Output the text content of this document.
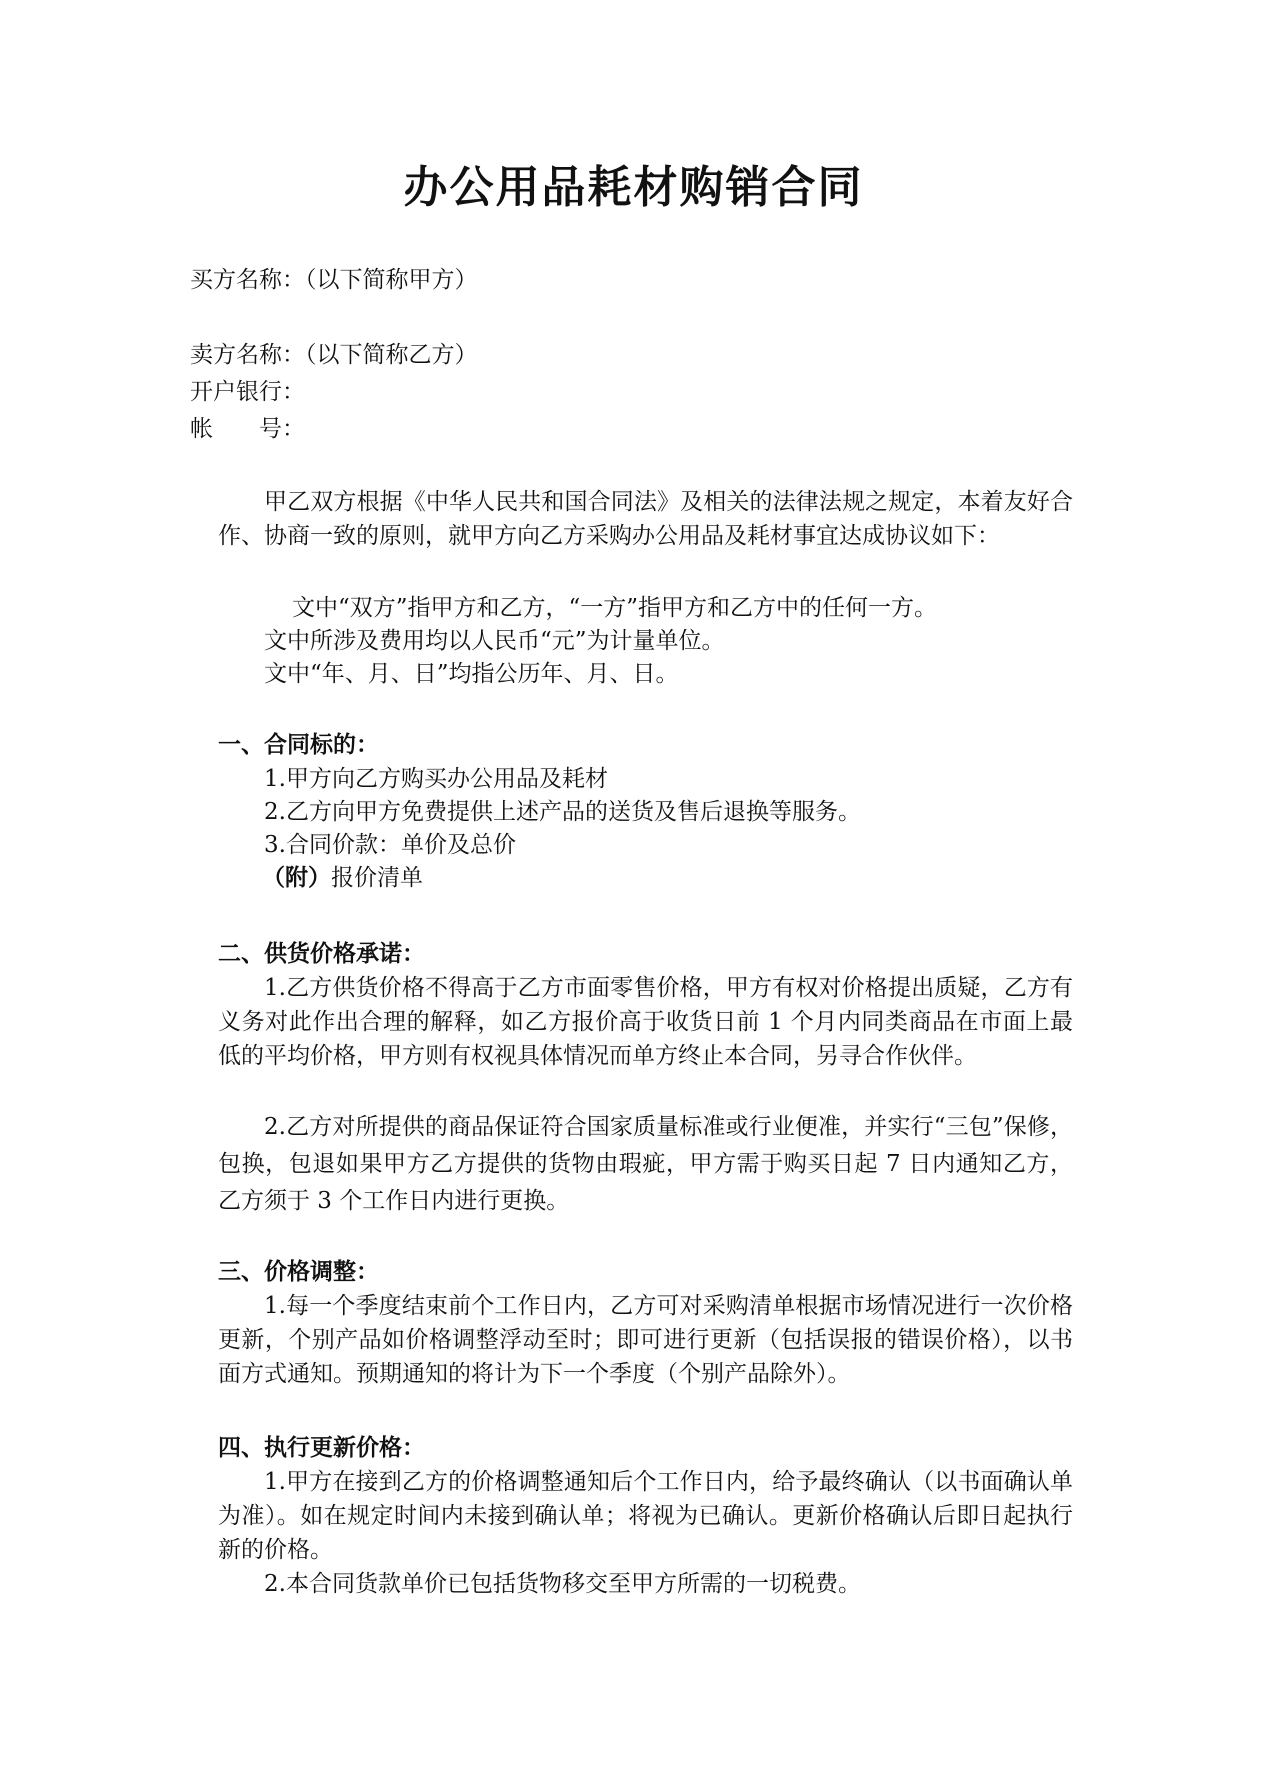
办公用品耗材购销合同
买方名称：（以下简称甲方）
卖方名称：（以下简称乙方）
开户银行：
帐 号：
甲乙双方根据《中华人民共和国合同法》及相关的法律法规之规定，本着友好合作、协商一致的原则，就甲方向乙方采购办公用品及耗材事宜达成协议如下：
文中“双方”指甲方和乙方，“一方”指甲方和乙方中的任何一方。
文中所涉及费用均以人民币“元”为计量单位。
文中“年、月、日”均指公历年、月、日。
一、合同标的：
1.甲方向乙方购买办公用品及耗材
2.乙方向甲方免费提供上述产品的送货及售后退换等服务。
3.合同价款：单价及总价
（附）报价清单
二、供货价格承诺：
1.乙方供货价格不得高于乙方市面零售价格，甲方有权对价格提出质疑，乙方有义务对此作出合理的解释，如乙方报价高于收货日前 1 个月内同类商品在市面上最低的平均价格，甲方则有权视具体情况而单方终止本合同，另寻合作伙伴。
2.乙方对所提供的商品保证符合国家质量标准或行业便准，并实行“三包”保修，包换，包退如果甲方乙方提供的货物由瑕疵，甲方需于购买日起 7 日内通知乙方，乙方须于 3 个工作日内进行更换。
三、价格调整：
1.每一个季度结束前个工作日内，乙方可对采购清单根据市场情况进行一次价格更新，个别产品如价格调整浮动至时；即可进行更新（包括误报的错误价格），以书面方式通知。预期通知的将计为下一个季度（个别产品除外）。
四、执行更新价格：
1.甲方在接到乙方的价格调整通知后个工作日内，给予最终确认（以书面确认单为准）。如在规定时间内未接到确认单；将视为已确认。更新价格确认后即日起执行新的价格。
2.本合同货款单价已包括货物移交至甲方所需的一切税费。
